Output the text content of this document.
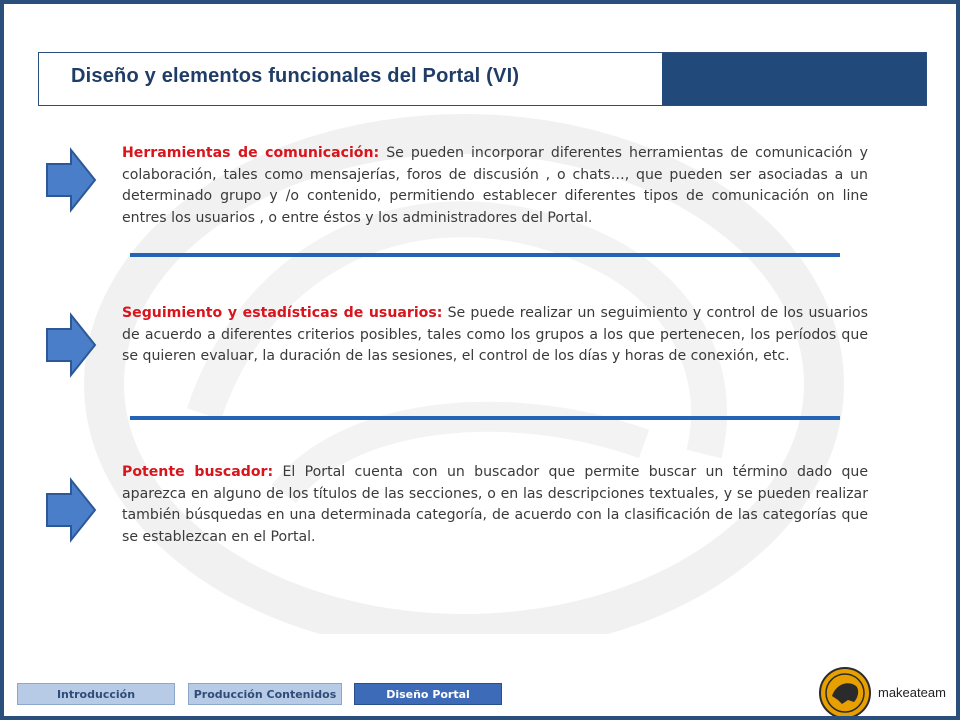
Diseño y elementos funcionales del Portal (VI)
Herramientas de comunicación: Se pueden incorporar diferentes herramientas de comunicación y colaboración, tales como mensajerías, foros de discusión , o chats…, que pueden ser asociadas a un determinado grupo y /o contenido, permitiendo establecer diferentes tipos de comunicación on line entres los usuarios , o entre éstos y los administradores del Portal.
Seguimiento y estadísticas de usuarios: Se puede realizar un seguimiento y control de los usuarios de acuerdo a diferentes criterios posibles, tales como los grupos a los que pertenecen, los períodos que se quieren evaluar, la duración de las sesiones, el control de los días y horas de conexión, etc.
Potente buscador: El Portal cuenta con un buscador que permite buscar un término dado que aparezca en alguno de los títulos de las secciones, o en las descripciones textuales, y se pueden realizar también búsquedas en una determinada categoría, de acuerdo con la clasificación de las categorías que se establezcan en el Portal.
Introducción	Producción Contenidos	Diseño Portal	makeateam
